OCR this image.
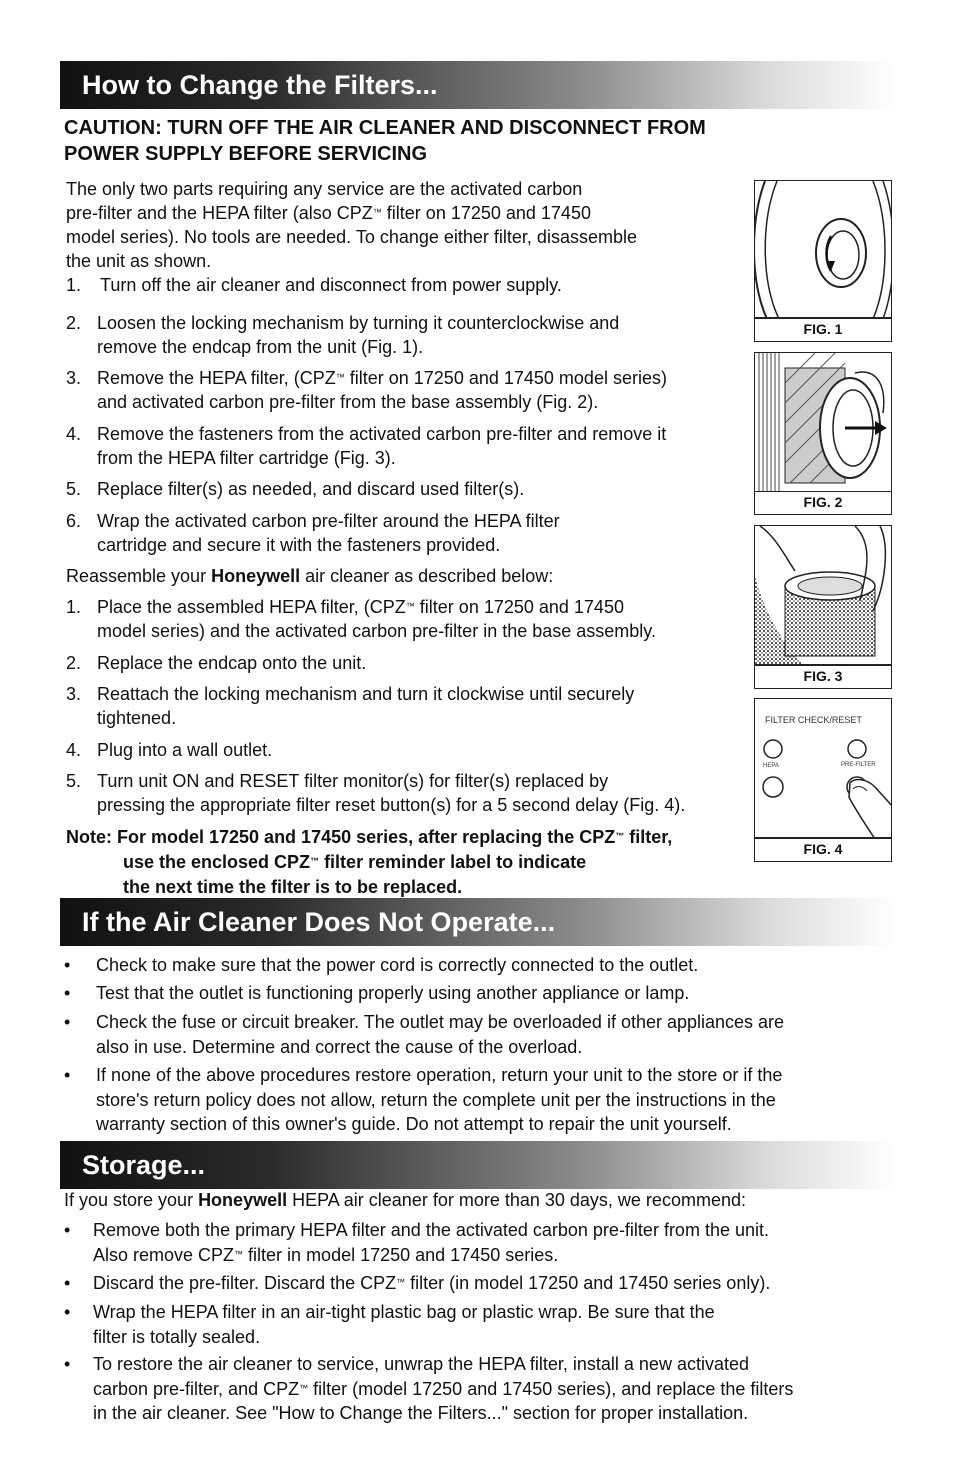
How to Change the Filters...
CAUTION: TURN OFF THE AIR CLEANER AND DISCONNECT FROM
POWER SUPPLY BEFORE SERVICING
The only two parts requiring any service are the activated carbon
pre-filter and the HEPA filter (also CPZ™ filter on 17250 and 17450
model series). No tools are needed. To change either filter, disassemble
the unit as shown.
1.	Turn off the air cleaner and disconnect from power supply.
2. Loosen the locking mechanism by turning it counterclockwise and
remove the endcap from the unit (Fig. 1).
3. Remove the HEPA filter, (CPZ™ filter on 17250 and 17450 model series)
and activated carbon pre-filter from the base assembly (Fig. 2).
4. Remove the fasteners from the activated carbon pre-filter and remove it
from the HEPA filter cartridge (Fig. 3).
5. Replace filter(s) as needed, and discard used filter(s).
6. Wrap the activated carbon pre-filter around the HEPA filter
cartridge and secure it with the fasteners provided.
Reassemble your Honeywell air cleaner as described below:
1. Place the assembled HEPA filter, (CPZ™ filter on 17250 and 17450
model series) and the activated carbon pre-filter in the base assembly.
2. Replace the endcap onto the unit.
3. Reattach the locking mechanism and turn it clockwise until securely
tightened.
4. Plug into a wall outlet.
5. Turn unit ON and RESET filter monitor(s) for filter(s) replaced by
pressing the appropriate filter reset button(s) for a 5 second delay (Fig. 4).
Note: For model 17250 and 17450 series, after replacing the CPZ™ filter,
use the enclosed CPZ™ filter reminder label to indicate
the next time the filter is to be replaced.
FIG. 1
FIG. 2
FIG. 3
FILTER CHECK/RESET
HEPA	PRE-FILTER
FIG. 4
If the Air Cleaner Does Not Operate...
• Check to make sure that the power cord is correctly connected to the outlet.
• Test that the outlet is functioning properly using another appliance or lamp.
• Check the fuse or circuit breaker. The outlet may be overloaded if other appliances are
also in use. Determine and correct the cause of the overload.
• If none of the above procedures restore operation, return your unit to the store or if the
store's return policy does not allow, return the complete unit per the instructions in the
warranty section of this owner's guide. Do not attempt to repair the unit yourself.
Storage...
If you store your Honeywell HEPA air cleaner for more than 30 days, we recommend:
• Remove both the primary HEPA filter and the activated carbon pre-filter from the unit.
Also remove CPZ™ filter in model 17250 and 17450 series.
• Discard the pre-filter. Discard the CPZ™ filter (in model 17250 and 17450 series only).
• Wrap the HEPA filter in an air-tight plastic bag or plastic wrap. Be sure that the
filter is totally sealed.
• To restore the air cleaner to service, unwrap the HEPA filter, install a new activated
carbon pre-filter, and CPZ™ filter (model 17250 and 17450 series), and replace the filters
in the air cleaner. See "How to Change the Filters..." section for proper installation.
